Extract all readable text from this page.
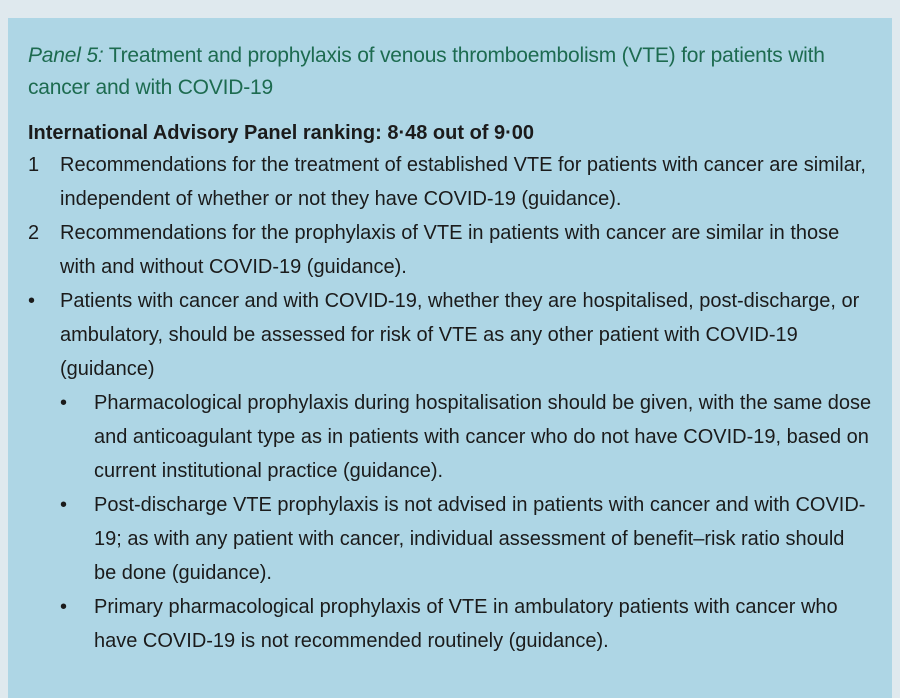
Panel 5: Treatment and prophylaxis of venous thromboembolism (VTE) for patients with cancer and with COVID-19

International Advisory Panel ranking: 8·48 out of 9·00
1	Recommendations for the treatment of established VTE for patients with cancer are similar, independent of whether or not they have COVID-19 (guidance).
2	Recommendations for the prophylaxis of VTE in patients with cancer are similar in those with and without COVID-19 (guidance).
•	Patients with cancer and with COVID-19, whether they are hospitalised, post-discharge, or ambulatory, should be assessed for risk of VTE as any other patient with COVID-19 (guidance)
•	Pharmacological prophylaxis during hospitalisation should be given, with the same dose and anticoagulant type as in patients with cancer who do not have COVID-19, based on current institutional practice (guidance).
•	Post-discharge VTE prophylaxis is not advised in patients with cancer and with COVID-19; as with any patient with cancer, individual assessment of benefit–risk ratio should be done (guidance).
•	Primary pharmacological prophylaxis of VTE in ambulatory patients with cancer who have COVID-19 is not recommended routinely (guidance).
